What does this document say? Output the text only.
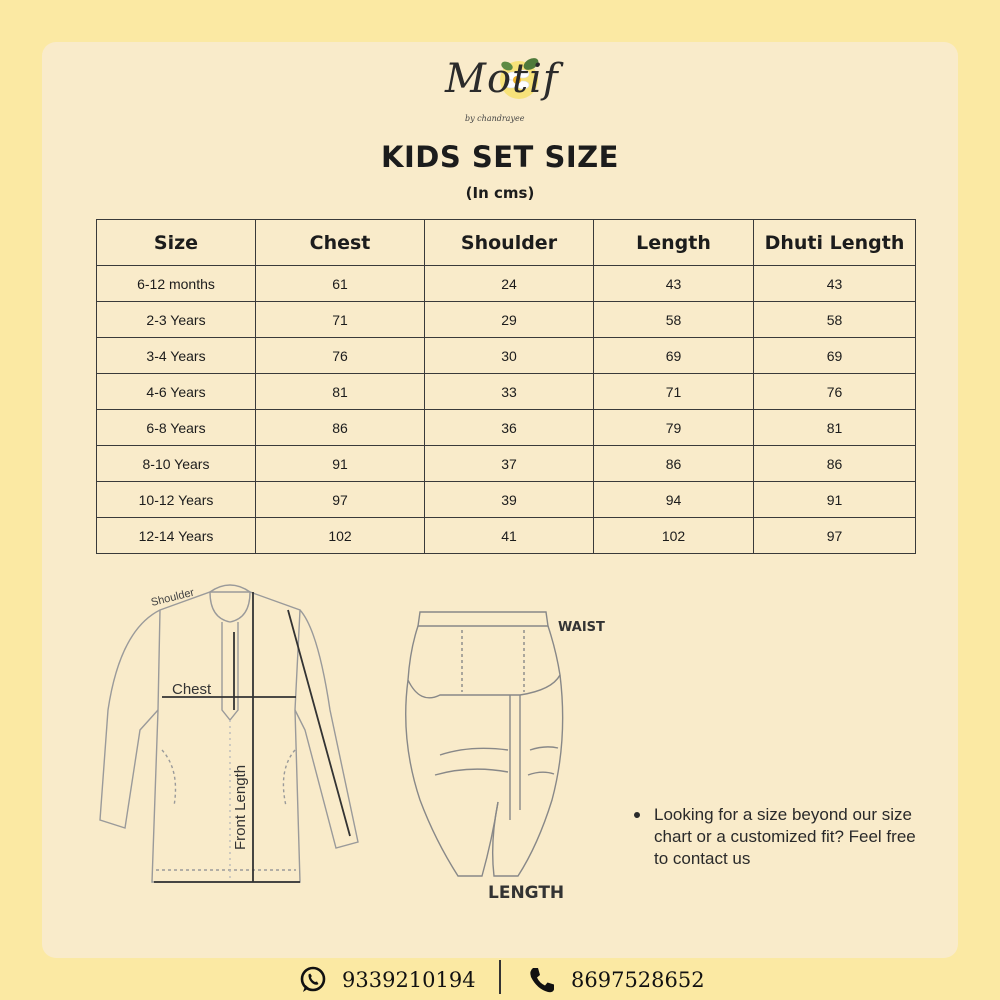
Motif
by chandrayee
KIDS SET SIZE
(In cms)
Size	Chest	Shoulder	Length	Dhuti Length
6-12 months	61	24	43	43
2-3 Years	71	29	58	58
3-4 Years	76	30	69	69
4-6 Years	81	33	71	76
6-8 Years	86	36	79	81
8-10 Years	91	37	86	86
10-12 Years	97	39	94	91
12-14 Years	102	41	102	97
Shoulder
Chest
Front Length
WAIST
LENGTH
Looking for a size beyond our size chart or a customized fit? Feel free to contact us
9339210194	8697528652
